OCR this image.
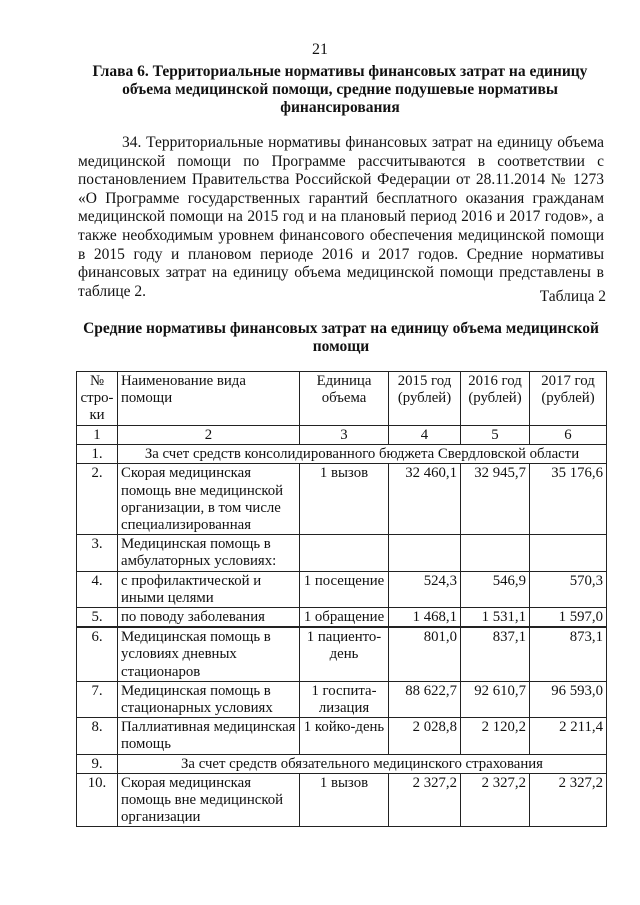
21
Глава 6. Территориальные нормативы финансовых затрат на единицу объема медицинской помощи, средние подушевые нормативы финансирования

34. Территориальные нормативы финансовых затрат на единицу объема медицинской помощи по Программе рассчитываются в соответствии с постановлением Правительства Российской Федерации от 28.11.2014 № 1273 «О Программе государственных гарантий бесплатного оказания гражданам медицинской помощи на 2015 год и на плановый период 2016 и 2017 годов», а также необходимым уровнем финансового обеспечения медицинской помощи в 2015 году и плановом периоде 2016 и 2017 годов. Средние нормативы финансовых затрат на единицу объема медицинской помощи представлены в таблице 2.	Таблица 2
Средние нормативы финансовых затрат на единицу объема медицинской помощи
№ стро-ки	Наименование вида помощи	Единица объема	2015 год (рублей)	2016 год (рублей)	2017 год (рублей)
1	2	3	4	5	6
1.	За счет средств консолидированного бюджета Свердловской области				
2.	Скорая медицинская помощь вне медицинской организации, в том числе специализированная	1 вызов	32 460,1	32 945,7	35 176,6
3.	Медицинская помощь в амбулаторных условиях:				
4.	с профилактической и иными целями	1 посещение	524,3	546,9	570,3
5.	по поводу заболевания	1 обращение	1 468,1	1 531,1	1 597,0
6.	Медицинская помощь в условиях дневных стационаров	1 пациенто-день	801,0	837,1	873,1
7.	Медицинская помощь в стационарных условиях	1 госпита-лизация	88 622,7	92 610,7	96 593,0
8.	Паллиативная медицинская помощь	1 койко-день	2 028,8	2 120,2	2 211,4
9.	За счет средств обязательного медицинского страхования				
10.	Скорая медицинская помощь вне медицинской организации	1 вызов	2 327,2	2 327,2	2 327,2
